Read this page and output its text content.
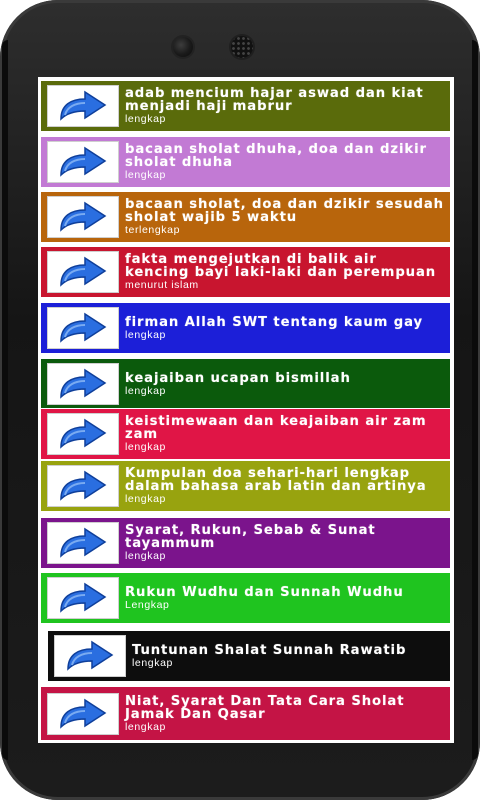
adab mencium hajar aswad dan kiat menjadi haji mabrur
lengkap
bacaan sholat dhuha, doa dan dzikir sholat dhuha
lengkap
bacaan sholat, doa dan dzikir sesudah sholat wajib 5 waktu
terlengkap
fakta mengejutkan di balik air kencing bayi laki-laki dan perempuan
menurut islam
firman Allah SWT tentang kaum gay
lengkap
keajaiban ucapan bismillah
lengkap
keistimewaan dan keajaiban air zam zam
lengkap
Kumpulan doa sehari-hari lengkap dalam bahasa arab latin dan artinya
lengkap
Syarat, Rukun, Sebab & Sunat tayammum
lengkap
Rukun Wudhu dan Sunnah Wudhu
Lengkap
Tuntunan Shalat Sunnah Rawatib
lengkap
Niat, Syarat Dan Tata Cara Sholat Jamak Dan Qasar
lengkap
